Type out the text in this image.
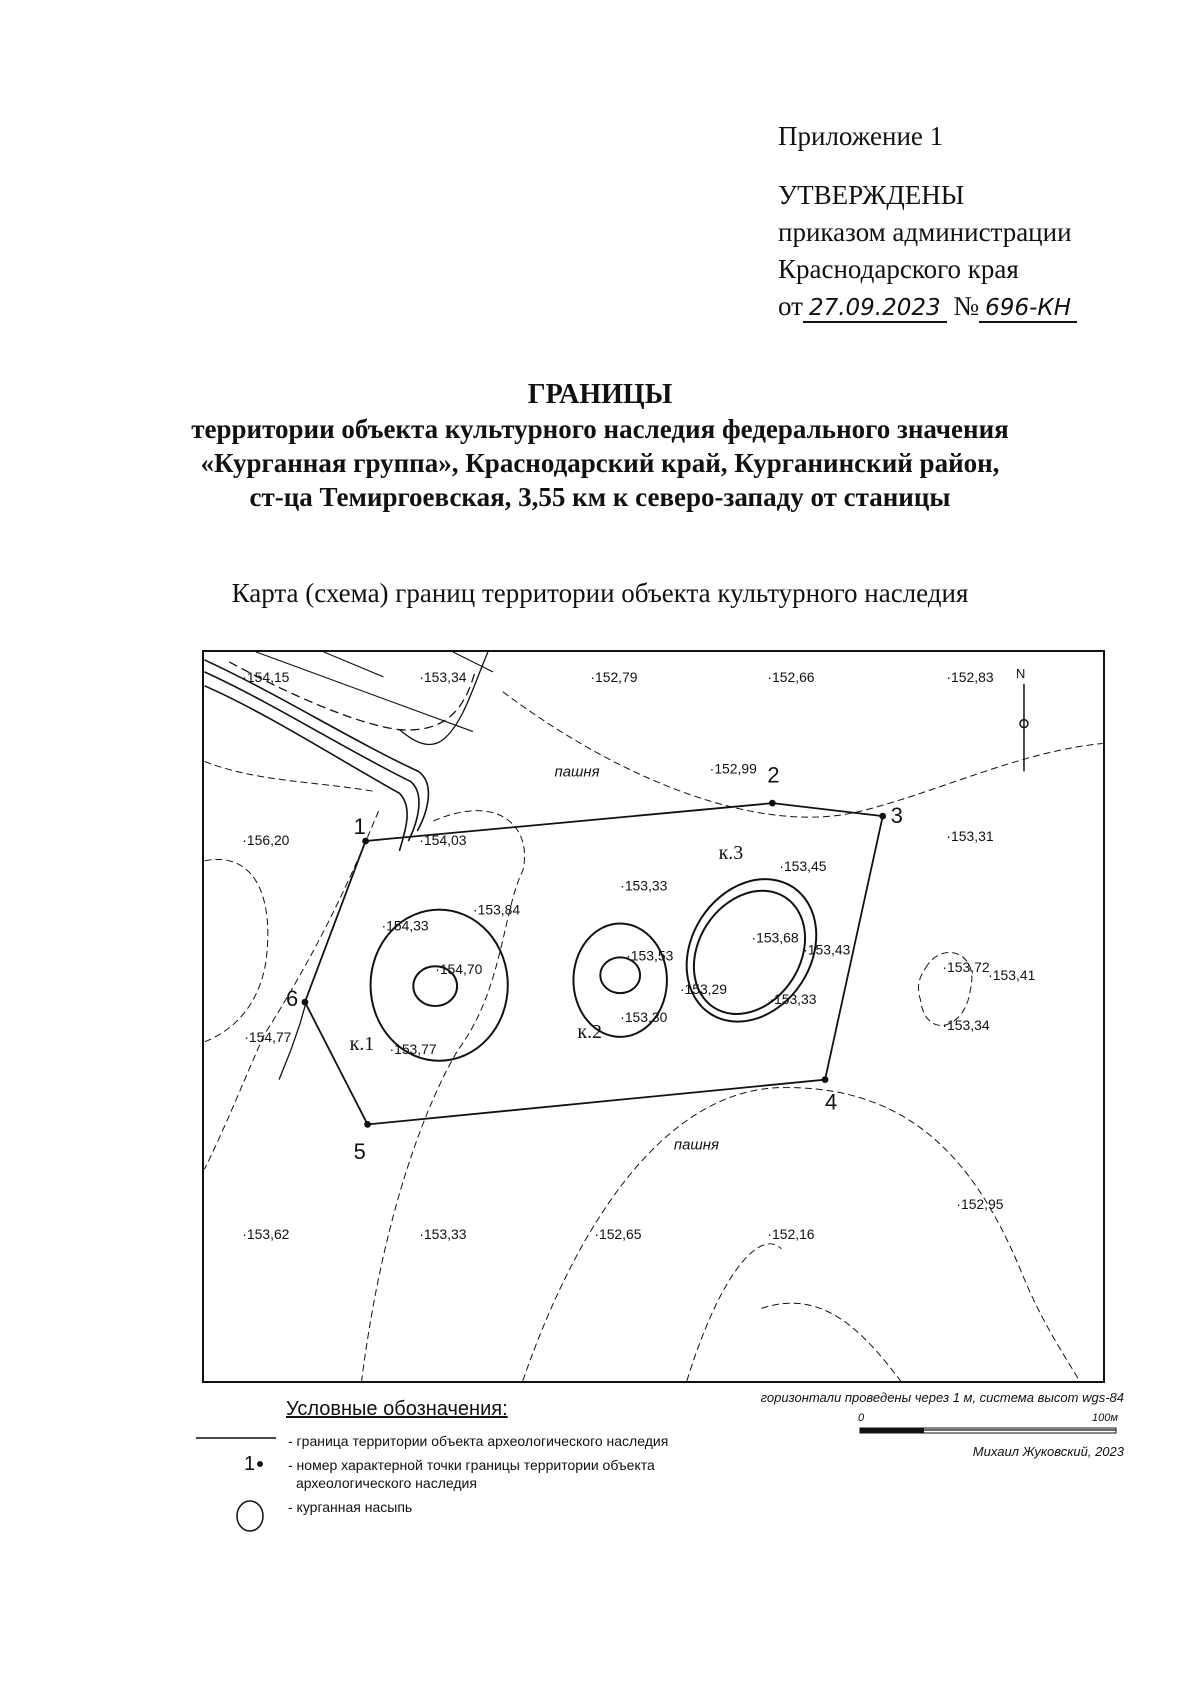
Приложение 1
УТВЕРЖДЕНЫ
приказом администрации
Краснодарского края
от 27.09.2023 № 696-КН
ГРАНИЦЫ
территории объекта культурного наследия федерального значения
«Курганная группа», Краснодарский край, Курганинский район,
ст-ца Темиргоевская, 3,55 км к северо-западу от станицы
Карта (схема) границ территории объекта культурного наследия
1
2
3
4
5
6
к.1
к.2
к.3
пашня
пашня
N
·154,15	·153,34	·152,79	·152,66	·152,83
·152,99
·154,03	·153,31
·156,20
·153,45
·153,33
·153,84
·154,33
·154,70
·153,53
·153,68
·153,43
·153,72
·153,41
·153,29
·153,33
·153,30	·153,34
·154,77
·153,77
·152,95
·153,62	·153,33	·152,65	·152,16
Условные обозначения:
1
- граница территории объекта археологического наследия
- номер характерной точки границы территории объекта
археологического наследия
- курганная насыпь
горизонтали проведены через 1 м, система высот wgs-84
0	100м
Михаил Жуковский, 2023
